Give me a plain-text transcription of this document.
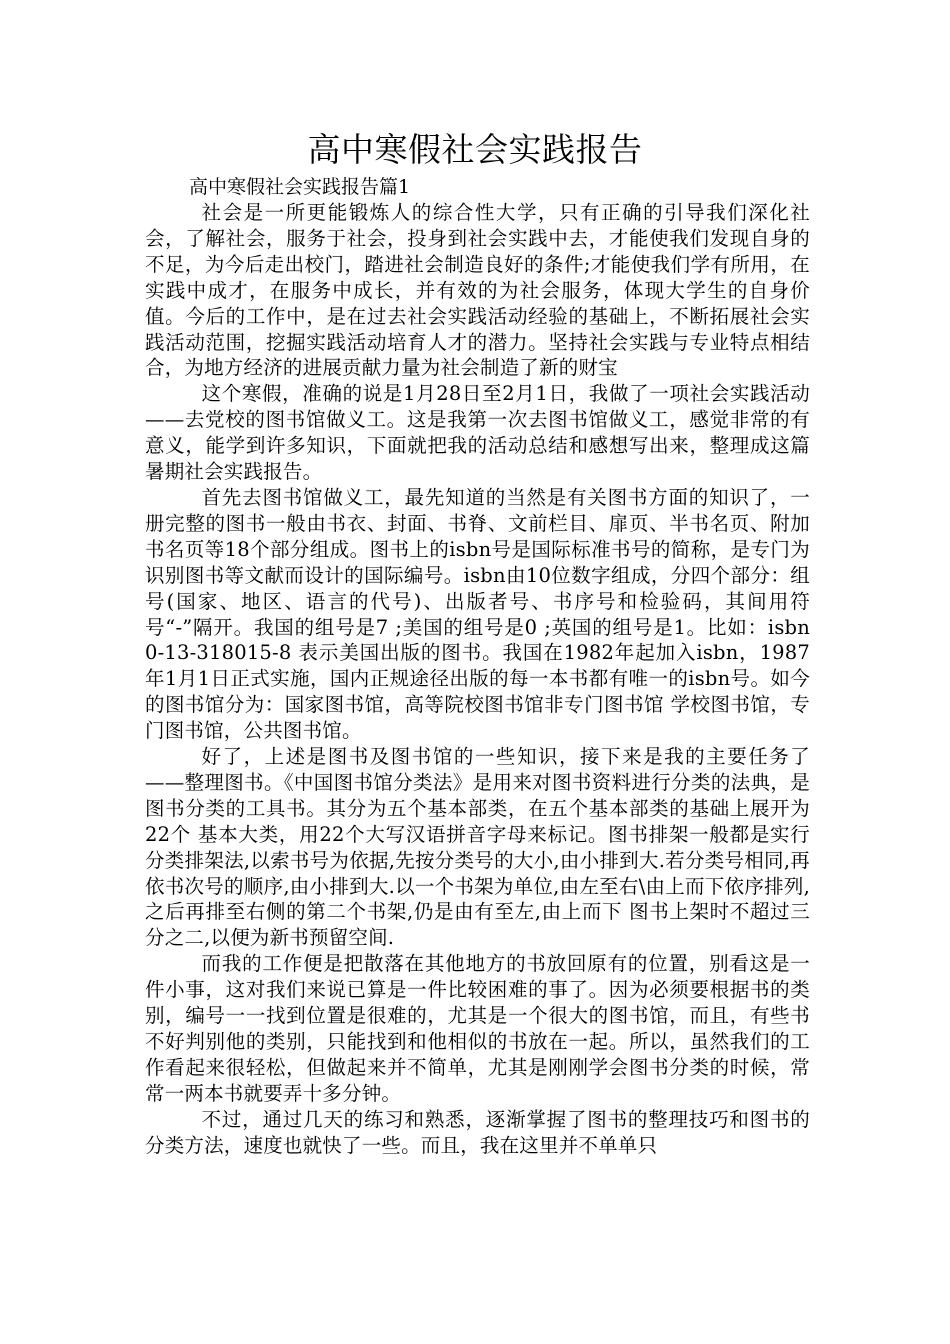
高中寒假社会实践报告
高中寒假社会实践报告篇1

社会是一所更能锻炼人的综合性大学，只有正确的引导我们深化社会，了解社会，服务于社会，投身到社会实践中去，才能使我们发现自身的不足，为今后走出校门，踏进社会制造良好的条件;才能使我们学有所用，在实践中成才，在服务中成长，并有效的为社会服务，体现大学生的自身价值。今后的工作中，是在过去社会实践活动经验的基础上，不断拓展社会实践活动范围，挖掘实践活动培育人才的潜力。坚持社会实践与专业特点相结合，为地方经济的进展贡献力量为社会制造了新的财宝

这个寒假，准确的说是1月28日至2月1日，我做了一项社会实践活动——去党校的图书馆做义工。这是我第一次去图书馆做义工，感觉非常的有意义，能学到许多知识，下面就把我的活动总结和感想写出来，整理成这篇暑期社会实践报告。

首先去图书馆做义工，最先知道的当然是有关图书方面的知识了，一册完整的图书一般由书衣、封面、书脊、文前栏目、扉页、半书名页、附加书名页等18个部分组成。图书上的isbn号是国际标准书号的简称，是专门为识别图书等文献而设计的国际编号。isbn由10位数字组成，分四个部分：组号(国家、地区、语言的代号)、出版者号、书序号和检验码，其间用符号“-”隔开。我国的组号是7 ;美国的组号是0 ;英国的组号是1。比如：isbn 0-13-318015-8 表示美国出版的图书。我国在1982年起加入isbn，1987年1月1日正式实施，国内正规途径出版的每一本书都有唯一的isbn号。如今的图书馆分为：国家图书馆，高等院校图书馆非专门图书馆 学校图书馆，专门图书馆，公共图书馆。

好了，上述是图书及图书馆的一些知识，接下来是我的主要任务了——整理图书。《中国图书馆分类法》是用来对图书资料进行分类的法典，是图书分类的工具书。其分为五个基本部类，在五个基本部类的基础上展开为22个 基本大类，用22个大写汉语拼音字母来标记。图书排架一般都是实行分类排架法,以索书号为依据,先按分类号的大小,由小排到大.若分类号相同,再依书次号的顺序,由小排到大.以一个书架为单位,由左至右\由上而下依序排列,之后再排至右侧的第二个书架,仍是由有至左,由上而下 图书上架时不超过三分之二,以便为新书预留空间.

而我的工作便是把散落在其他地方的书放回原有的位置，别看这是一件小事，这对我们来说已算是一件比较困难的事了。因为必须要根据书的类别，编号一一找到位置是很难的，尤其是一个很大的图书馆，而且，有些书不好判别他的类别，只能找到和他相似的书放在一起。所以，虽然我们的工作看起来很轻松，但做起来并不简单，尤其是刚刚学会图书分类的时候，常常一两本书就要弄十多分钟。

不过，通过几天的练习和熟悉，逐渐掌握了图书的整理技巧和图书的分类方法，速度也就快了一些。而且，我在这里并不单单只
